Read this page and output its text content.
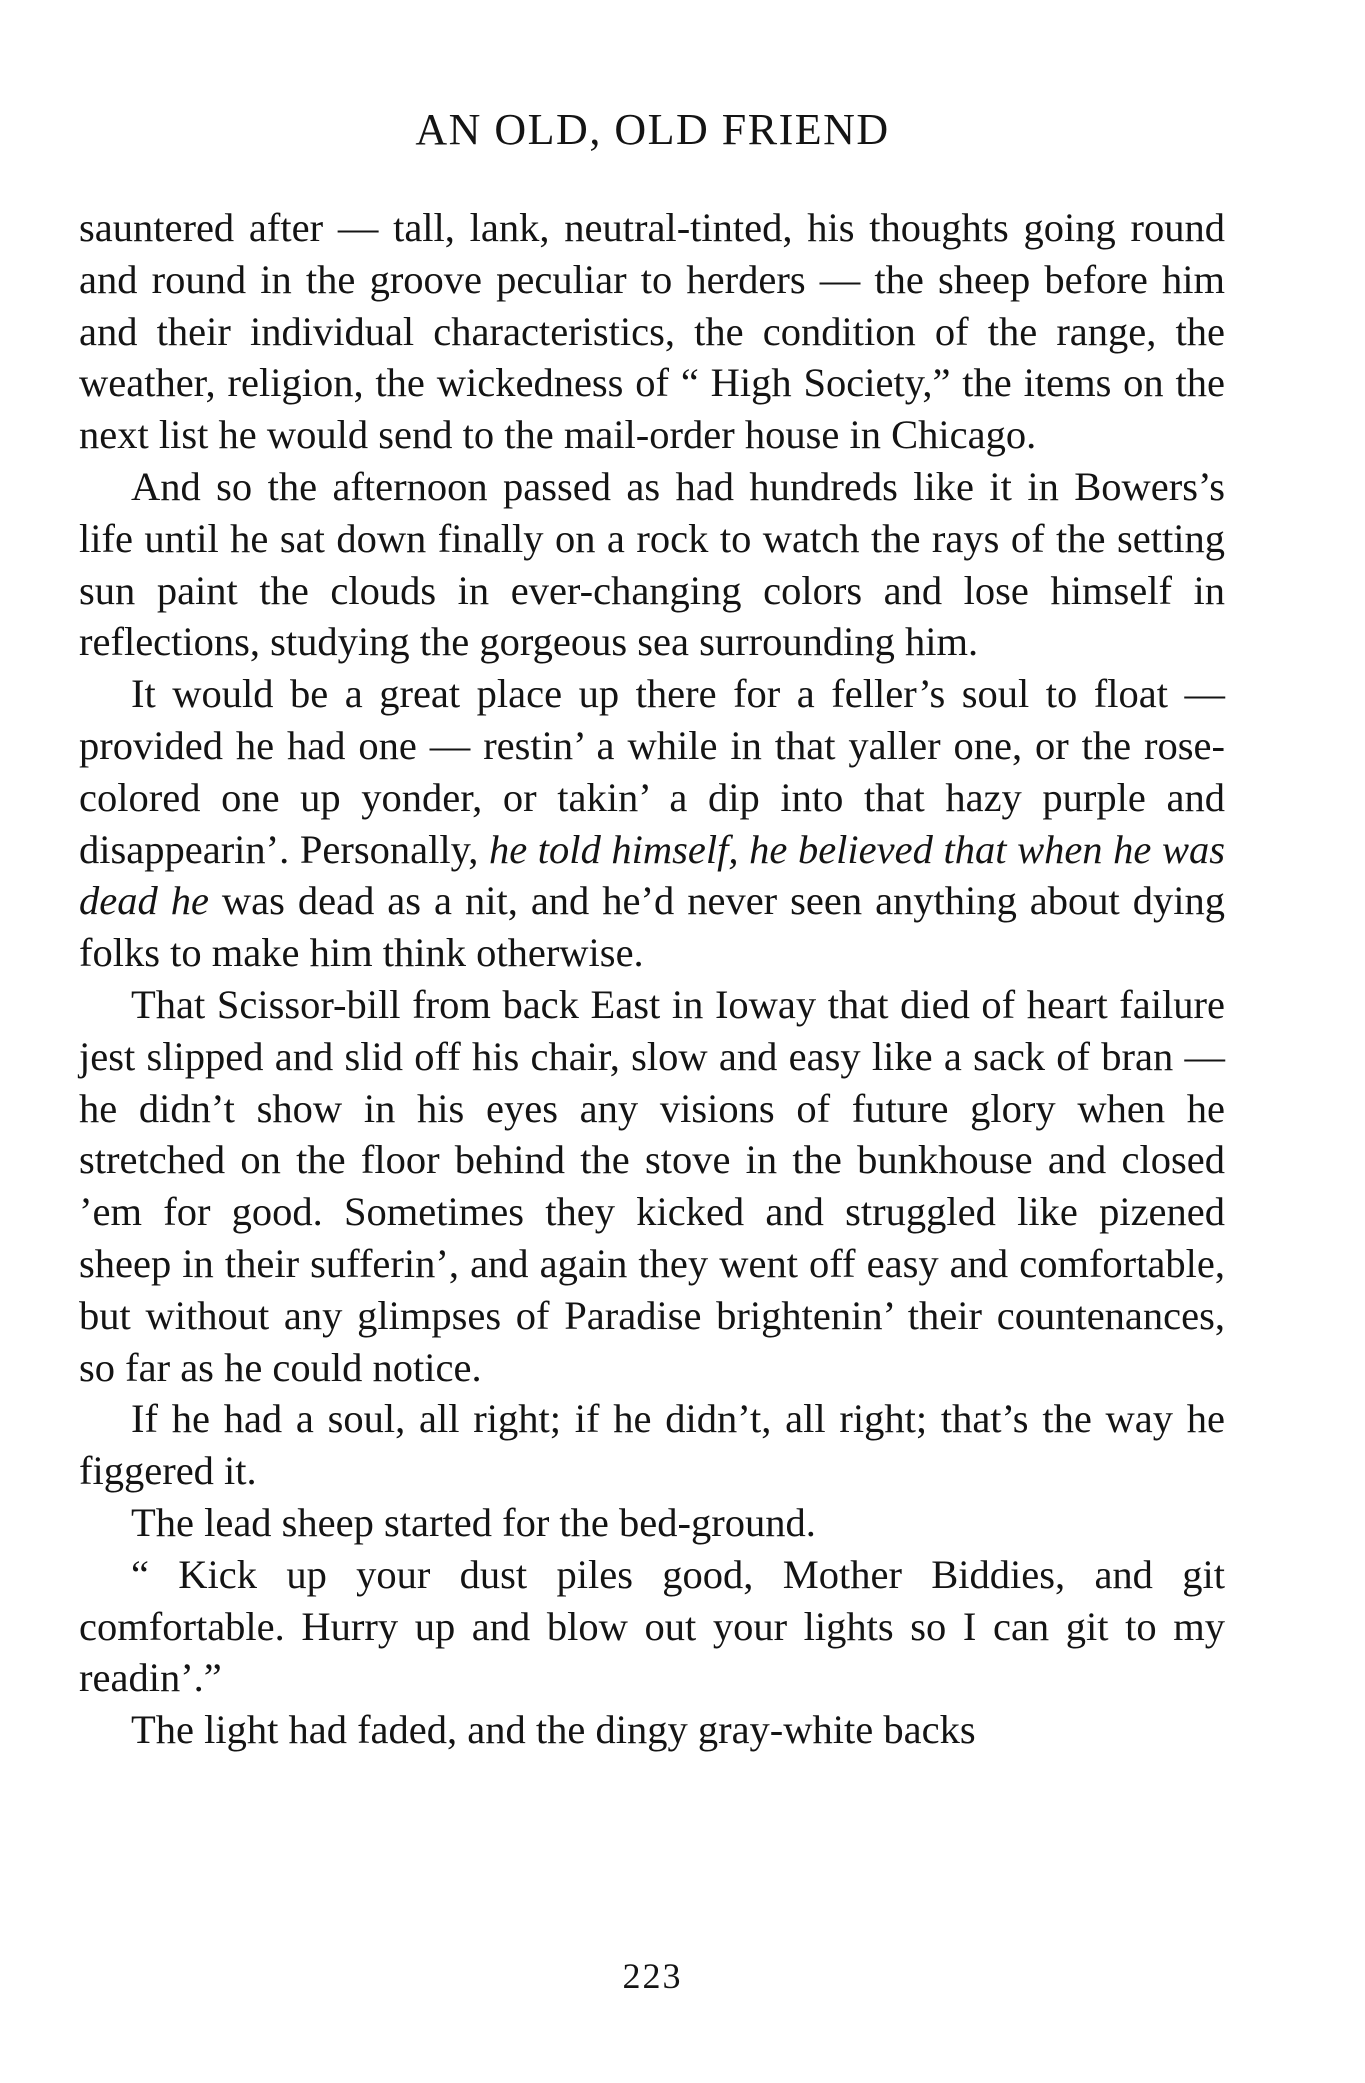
AN OLD, OLD FRIEND

sauntered after — tall, lank, neutral-tinted, his thoughts going round and round in the groove peculiar to herders — the sheep before him and their individual characteristics, the condition of the range, the weather, religion, the wickedness of “ High Society,” the items on the next list he would send to the mail-order house in Chicago.

And so the afternoon passed as had hundreds like it in Bowers’s life until he sat down finally on a rock to watch the rays of the setting sun paint the clouds in ever-changing colors and lose himself in reflections, studying the gorgeous sea surrounding him.

It would be a great place up there for a feller’s soul to float — provided he had one — restin’ a while in that yaller one, or the rose-colored one up yonder, or takin’ a dip into that hazy purple and disappearin’. Personally, he told himself, he believed that when he was dead he was dead as a nit, and he’d never seen anything about dying folks to make him think otherwise.

That Scissor-bill from back East in Ioway that died of heart failure jest slipped and slid off his chair, slow and easy like a sack of bran — he didn’t show in his eyes any visions of future glory when he stretched on the floor behind the stove in the bunkhouse and closed ’em for good. Sometimes they kicked and struggled like pizened sheep in their sufferin’, and again they went off easy and comfortable, but without any glimpses of Paradise brightenin’ their countenances, so far as he could notice.

If he had a soul, all right; if he didn’t, all right; that’s the way he figgered it.

The lead sheep started for the bed-ground.

“ Kick up your dust piles good, Mother Biddies, and git comfortable. Hurry up and blow out your lights so I can git to my readin’.”

The light had faded, and the dingy gray-white backs

223
